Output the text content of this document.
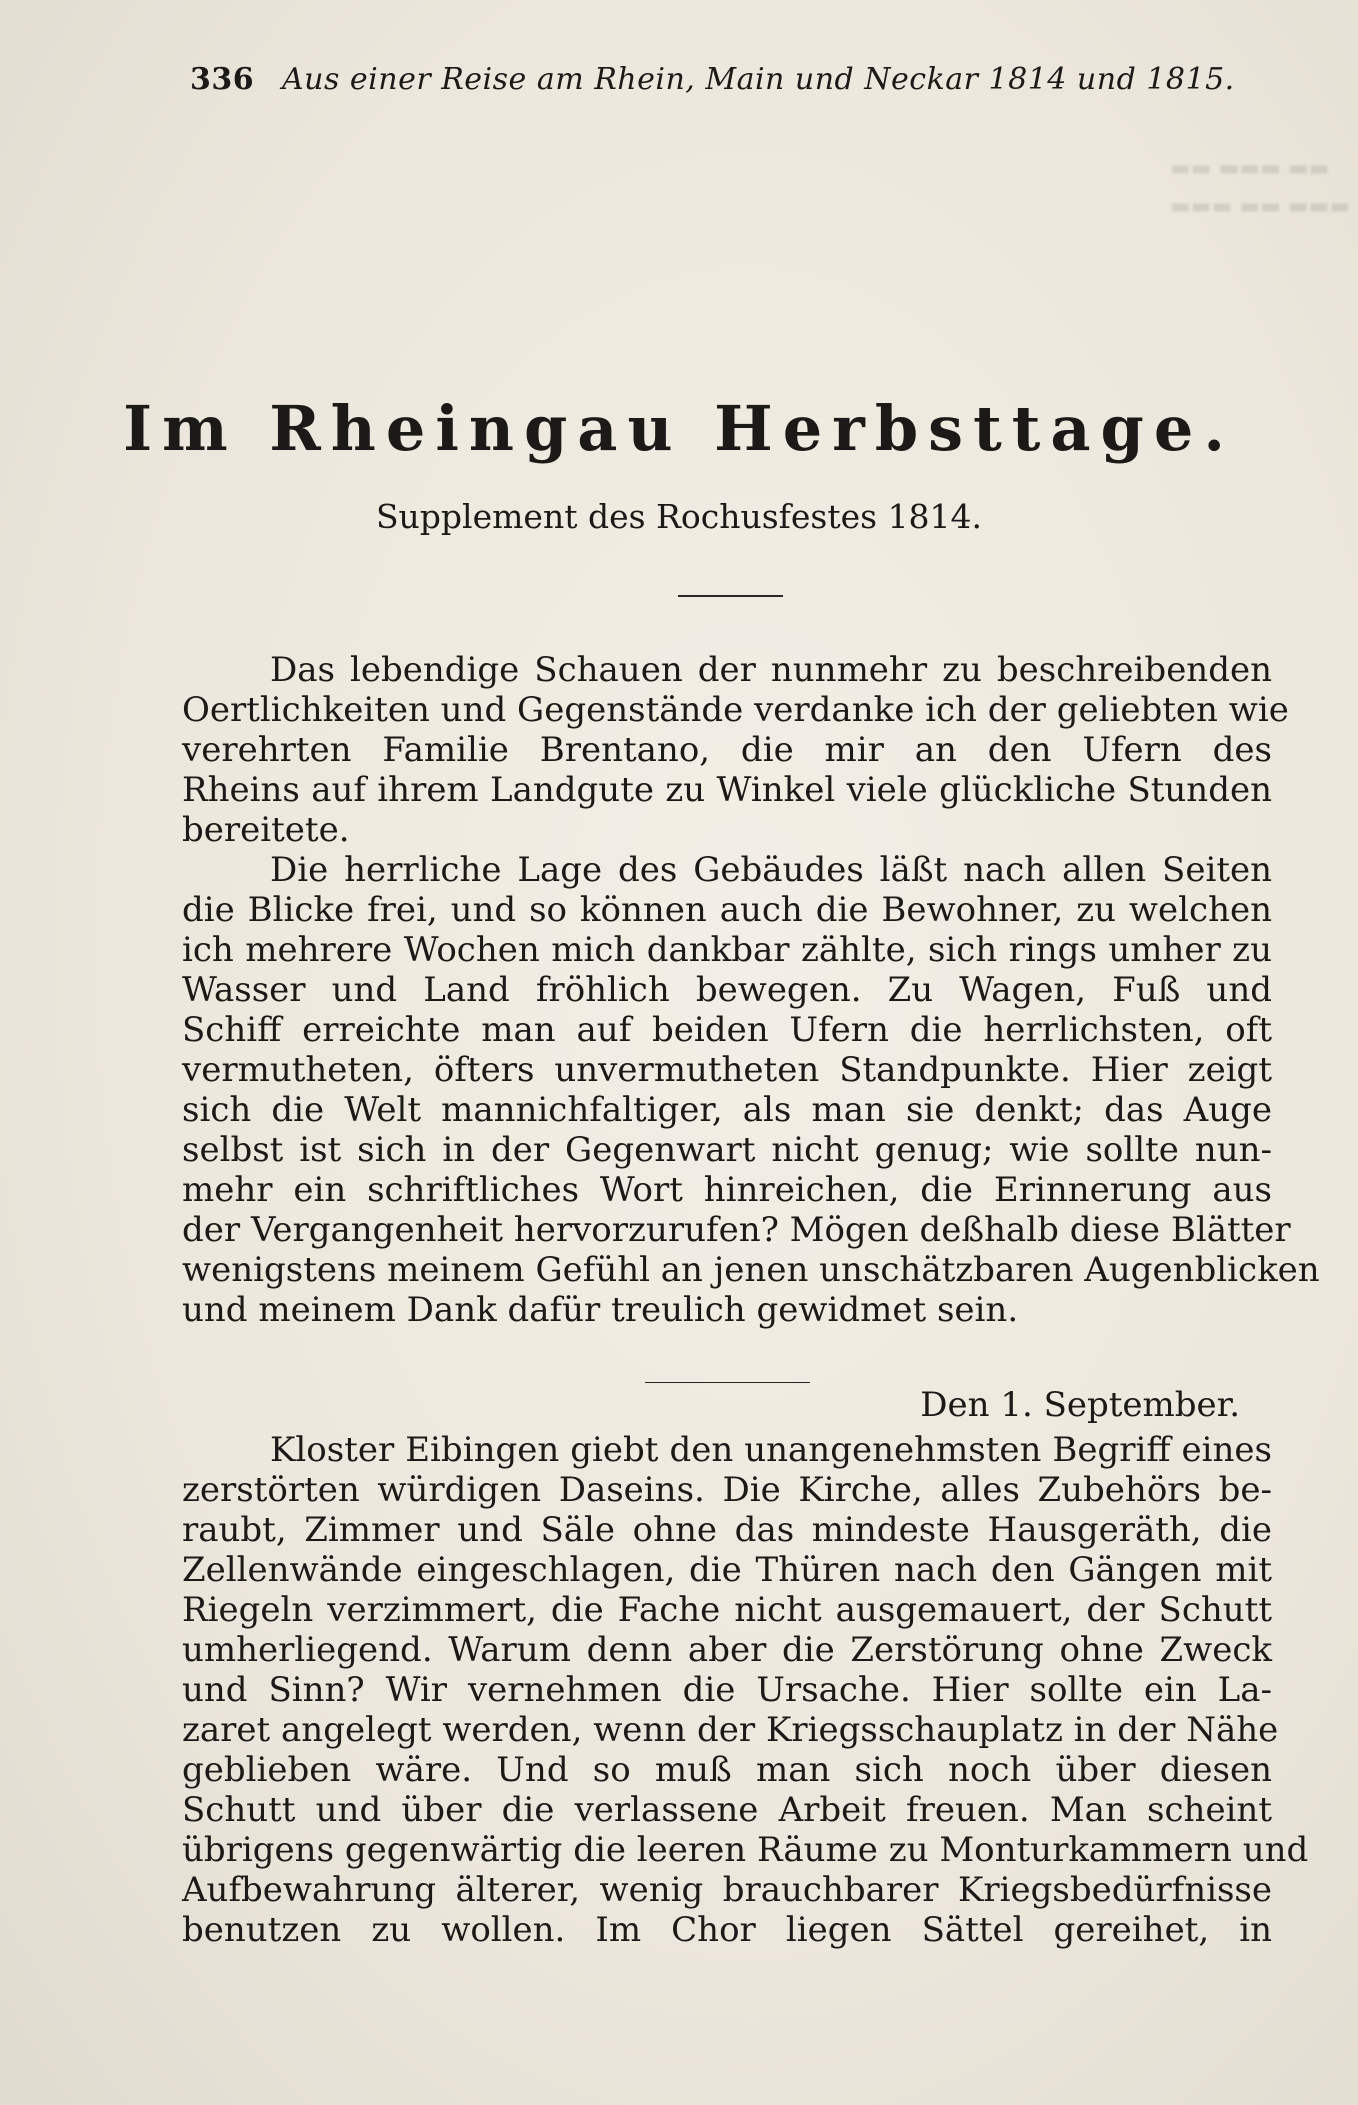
▬▬ ▬▬▬ ▬▬
▬▬▬ ▬▬ ▬▬▬
336 Aus einer Reise am Rhein, Main und Neckar 1814 und 1815.
Im Rheingau Herbsttage.
Supplement des Rochusfestes 1814.
Das lebendige Schauen der nunmehr zu beschreibenden
Oertlichkeiten und Gegenstände verdanke ich der geliebten wie
verehrten Familie Brentano, die mir an den Ufern des
Rheins auf ihrem Landgute zu Winkel viele glückliche Stunden
bereitete.
Die herrliche Lage des Gebäudes läßt nach allen Seiten
die Blicke frei, und so können auch die Bewohner, zu welchen
ich mehrere Wochen mich dankbar zählte, sich rings umher zu
Wasser und Land fröhlich bewegen. Zu Wagen, Fuß und
Schiff erreichte man auf beiden Ufern die herrlichsten, oft
vermutheten, öfters unvermutheten Standpunkte. Hier zeigt
sich die Welt mannichfaltiger, als man sie denkt; das Auge
selbst ist sich in der Gegenwart nicht genug; wie sollte nun-
mehr ein schriftliches Wort hinreichen, die Erinnerung aus
der Vergangenheit hervorzurufen? Mögen deßhalb diese Blätter
wenigstens meinem Gefühl an jenen unschätzbaren Augenblicken
und meinem Dank dafür treulich gewidmet sein.
Den 1. September.
Kloster Eibingen giebt den unangenehmsten Begriff eines
zerstörten würdigen Daseins. Die Kirche, alles Zubehörs be-
raubt, Zimmer und Säle ohne das mindeste Hausgeräth, die
Zellenwände eingeschlagen, die Thüren nach den Gängen mit
Riegeln verzimmert, die Fache nicht ausgemauert, der Schutt
umherliegend. Warum denn aber die Zerstörung ohne Zweck
und Sinn? Wir vernehmen die Ursache. Hier sollte ein La-
zaret angelegt werden, wenn der Kriegsschauplatz in der Nähe
geblieben wäre. Und so muß man sich noch über diesen
Schutt und über die verlassene Arbeit freuen. Man scheint
übrigens gegenwärtig die leeren Räume zu Monturkammern und
Aufbewahrung älterer, wenig brauchbarer Kriegsbedürfnisse
benutzen zu wollen. Im Chor liegen Sättel gereihet, in
